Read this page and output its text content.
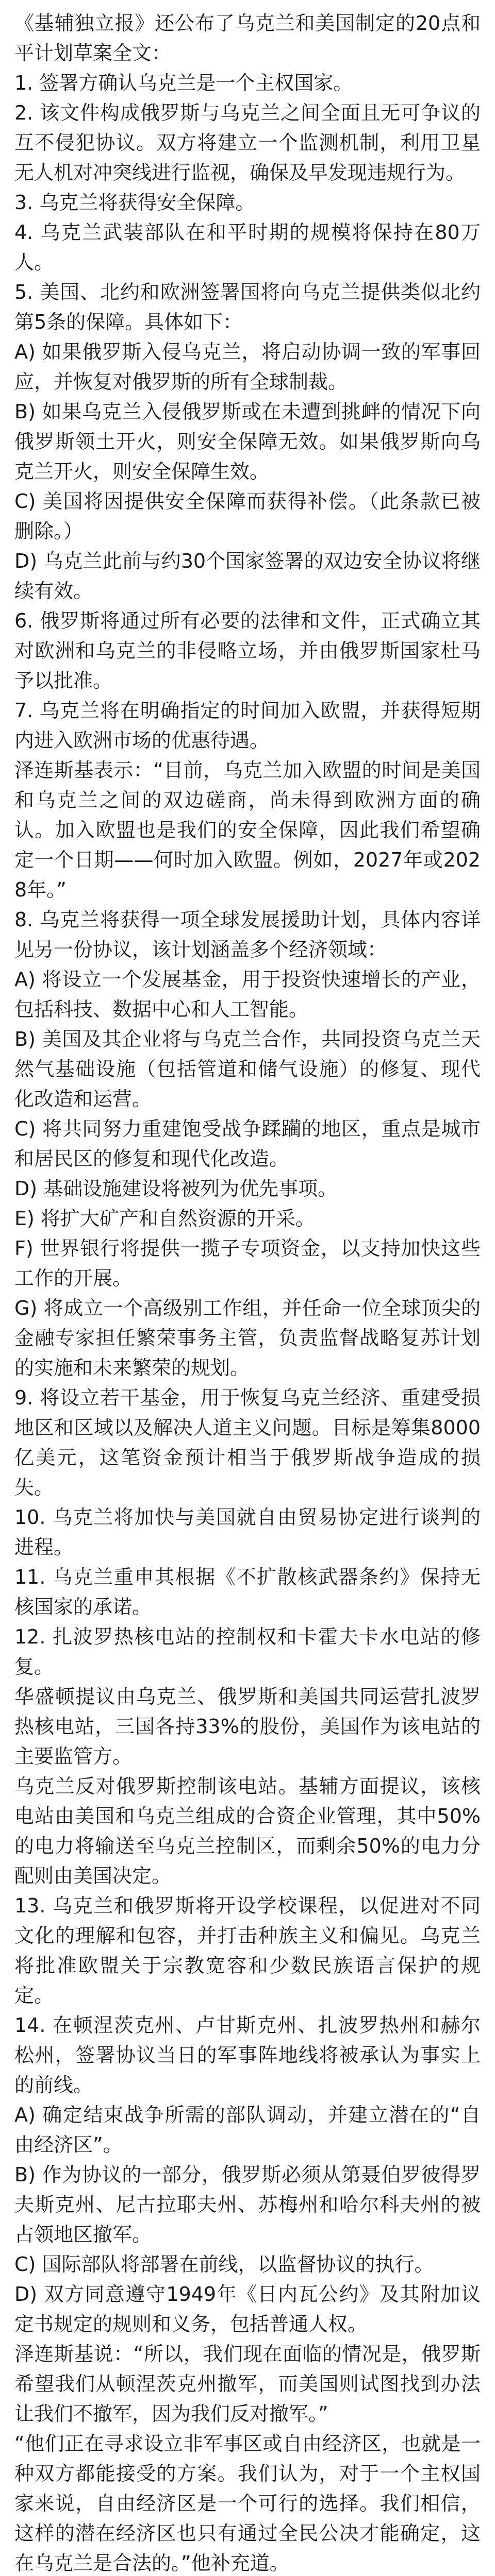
《基辅独立报》还公布了乌克兰和美国制定的20点和平计划草案全文：

1. 签署方确认乌克兰是一个主权国家。

2. 该文件构成俄罗斯与乌克兰之间全面且无可争议的互不侵犯协议。双方将建立一个监测机制，利用卫星无人机对冲突线进行监视，确保及早发现违规行为。

3. 乌克兰将获得安全保障。

4. 乌克兰武装部队在和平时期的规模将保持在80万人。

5. 美国、北约和欧洲签署国将向乌克兰提供类似北约第5条的保障。具体如下：

A) 如果俄罗斯入侵乌克兰，将启动协调一致的军事回应，并恢复对俄罗斯的所有全球制裁。

B) 如果乌克兰入侵俄罗斯或在未遭到挑衅的情况下向俄罗斯领土开火，则安全保障无效。如果俄罗斯向乌克兰开火，则安全保障生效。

C) 美国将因提供安全保障而获得补偿。（此条款已被删除。）

D) 乌克兰此前与约30个国家签署的双边安全协议将继续有效。

6. 俄罗斯将通过所有必要的法律和文件，正式确立其对欧洲和乌克兰的非侵略立场，并由俄罗斯国家杜马予以批准。

7. 乌克兰将在明确指定的时间加入欧盟，并获得短期内进入欧洲市场的优惠待遇。

泽连斯基表示：“目前，乌克兰加入欧盟的时间是美国和乌克兰之间的双边磋商，尚未得到欧洲方面的确认。加入欧盟也是我们的安全保障，因此我们希望确定一个日期——何时加入欧盟。例如，2027年或2028年。”

8. 乌克兰将获得一项全球发展援助计划，具体内容详见另一份协议，该计划涵盖多个经济领域：

A) 将设立一个发展基金，用于投资快速增长的产业，包括科技、数据中心和人工智能。

B) 美国及其企业将与乌克兰合作，共同投资乌克兰天然气基础设施（包括管道和储气设施）的修复、现代化改造和运营。

C) 将共同努力重建饱受战争蹂躏的地区，重点是城市和居民区的修复和现代化改造。

D) 基础设施建设将被列为优先事项。

E) 将扩大矿产和自然资源的开采。

F) 世界银行将提供一揽子专项资金，以支持加快这些工作的开展。

G) 将成立一个高级别工作组，并任命一位全球顶尖的金融专家担任繁荣事务主管，负责监督战略复苏计划的实施和未来繁荣的规划。

9. 将设立若干基金，用于恢复乌克兰经济、重建受损地区和区域以及解决人道主义问题。目标是筹集8000亿美元，这笔资金预计相当于俄罗斯战争造成的损失。

10. 乌克兰将加快与美国就自由贸易协定进行谈判的进程。

11. 乌克兰重申其根据《不扩散核武器条约》保持无核国家的承诺。

12. 扎波罗热核电站的控制权和卡霍夫卡水电站的修复。

华盛顿提议由乌克兰、俄罗斯和美国共同运营扎波罗热核电站，三国各持33%的股份，美国作为该电站的主要监管方。

乌克兰反对俄罗斯控制该电站。基辅方面提议，该核电站由美国和乌克兰组成的合资企业管理，其中50%的电力将输送至乌克兰控制区，而剩余50%的电力分配则由美国决定。

13. 乌克兰和俄罗斯将开设学校课程，以促进对不同文化的理解和包容，并打击种族主义和偏见。乌克兰将批准欧盟关于宗教宽容和少数民族语言保护的规定。

14. 在顿涅茨克州、卢甘斯克州、扎波罗热州和赫尔松州，签署协议当日的军事阵地线将被承认为事实上的前线。

A) 确定结束战争所需的部队调动，并建立潜在的“自由经济区”。

B) 作为协议的一部分，俄罗斯必须从第聂伯罗彼得罗夫斯克州、尼古拉耶夫州、苏梅州和哈尔科夫州的被占领地区撤军。

C) 国际部队将部署在前线，以监督协议的执行。

D) 双方同意遵守1949年《日内瓦公约》及其附加议定书规定的规则和义务，包括普通人权。

泽连斯基说：“所以，我们现在面临的情况是，俄罗斯希望我们从顿涅茨克州撤军，而美国则试图找到办法让我们不撤军，因为我们反对撤军。”

“他们正在寻求设立非军事区或自由经济区，也就是一种双方都能接受的方案。我们认为，对于一个主权国家来说，自由经济区是一个可行的选择。我们相信，这样的潜在经济区也只有通过全民公决才能确定，这在乌克兰是合法的。”他补充道。
